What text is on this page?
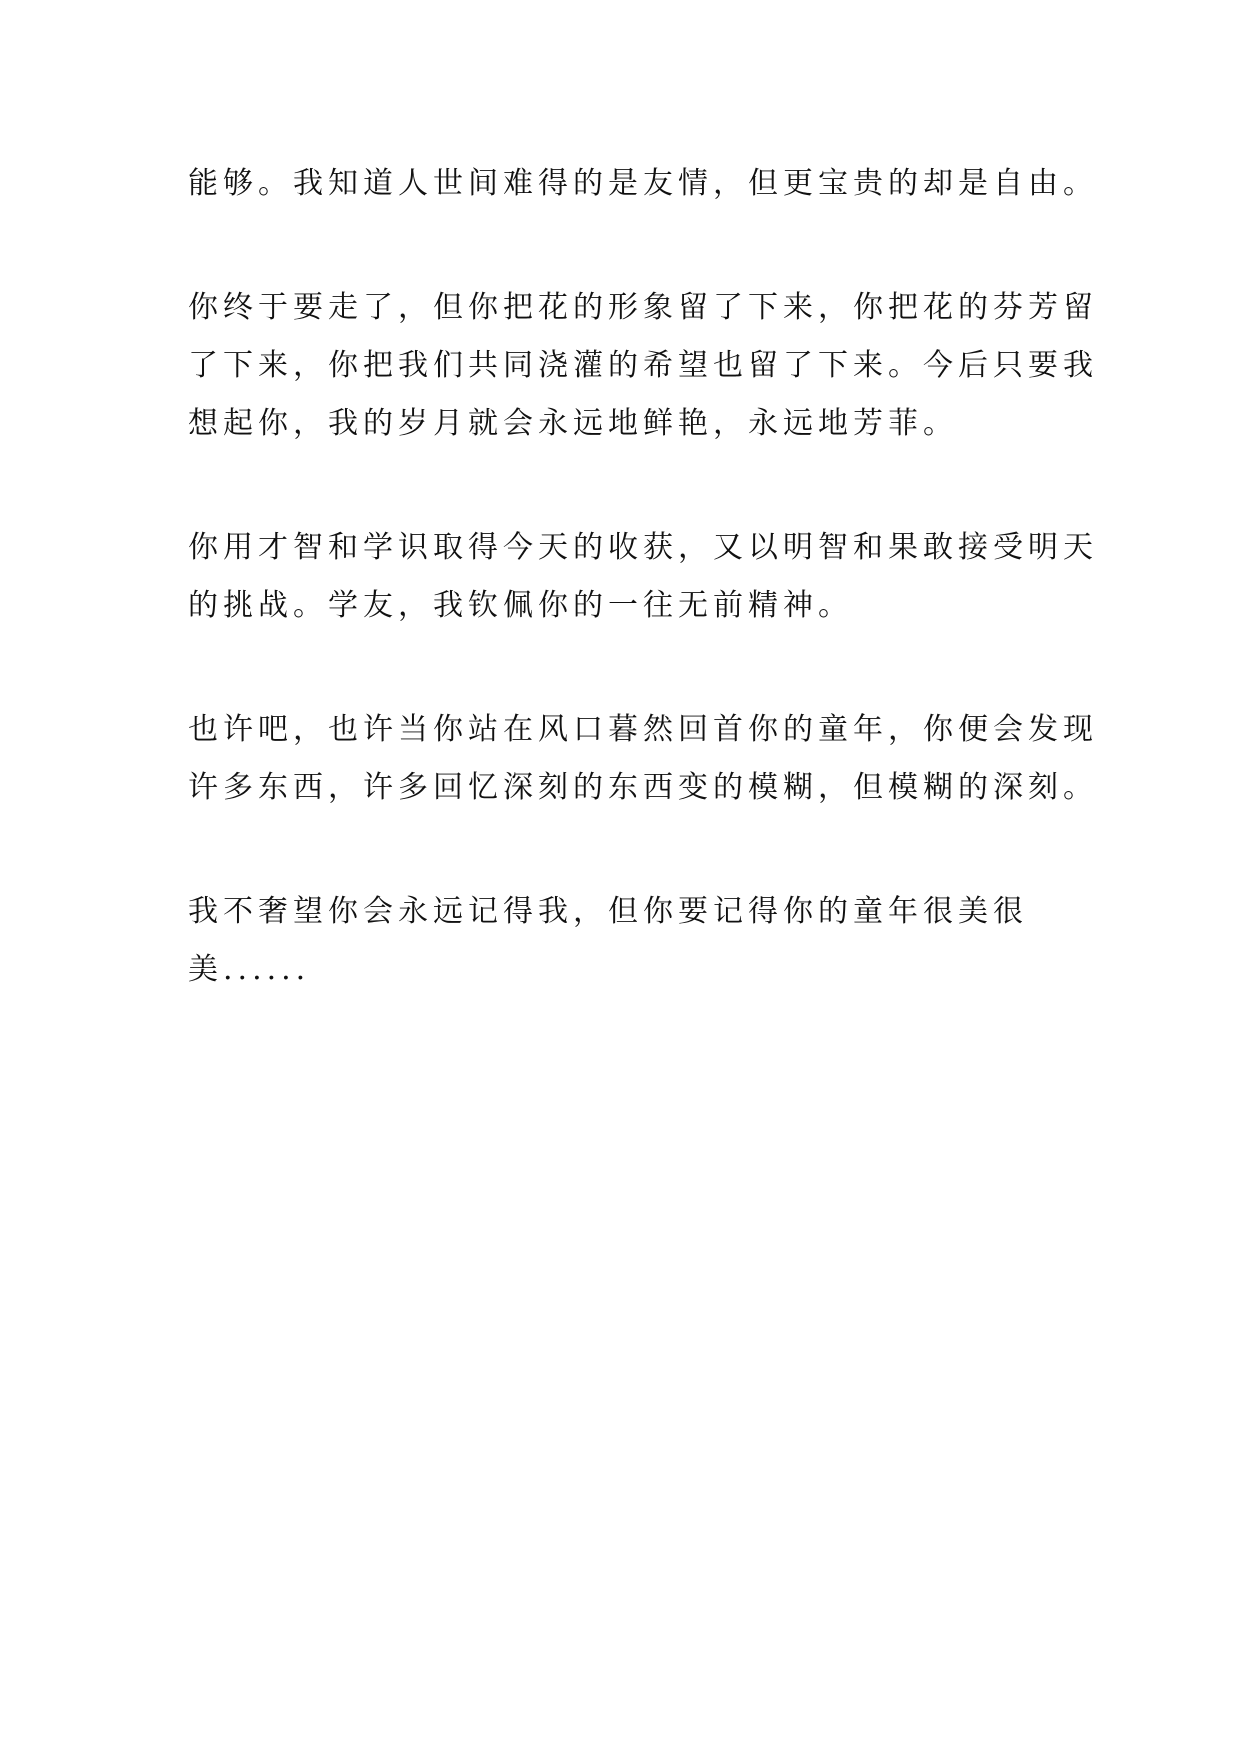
能够。我知道人世间难得的是友情，但更宝贵的却是自由。
你终于要走了，但你把花的形象留了下来，你把花的芬芳留
了下来，你把我们共同浇灌的希望也留了下来。今后只要我
想起你，我的岁月就会永远地鲜艳，永远地芳菲。
你用才智和学识取得今天的收获，又以明智和果敢接受明天
的挑战。学友，我钦佩你的一往无前精神。
也许吧，也许当你站在风口暮然回首你的童年，你便会发现
许多东西，许多回忆深刻的东西变的模糊，但模糊的深刻。
我不奢望你会永远记得我，但你要记得你的童年很美很
美......
